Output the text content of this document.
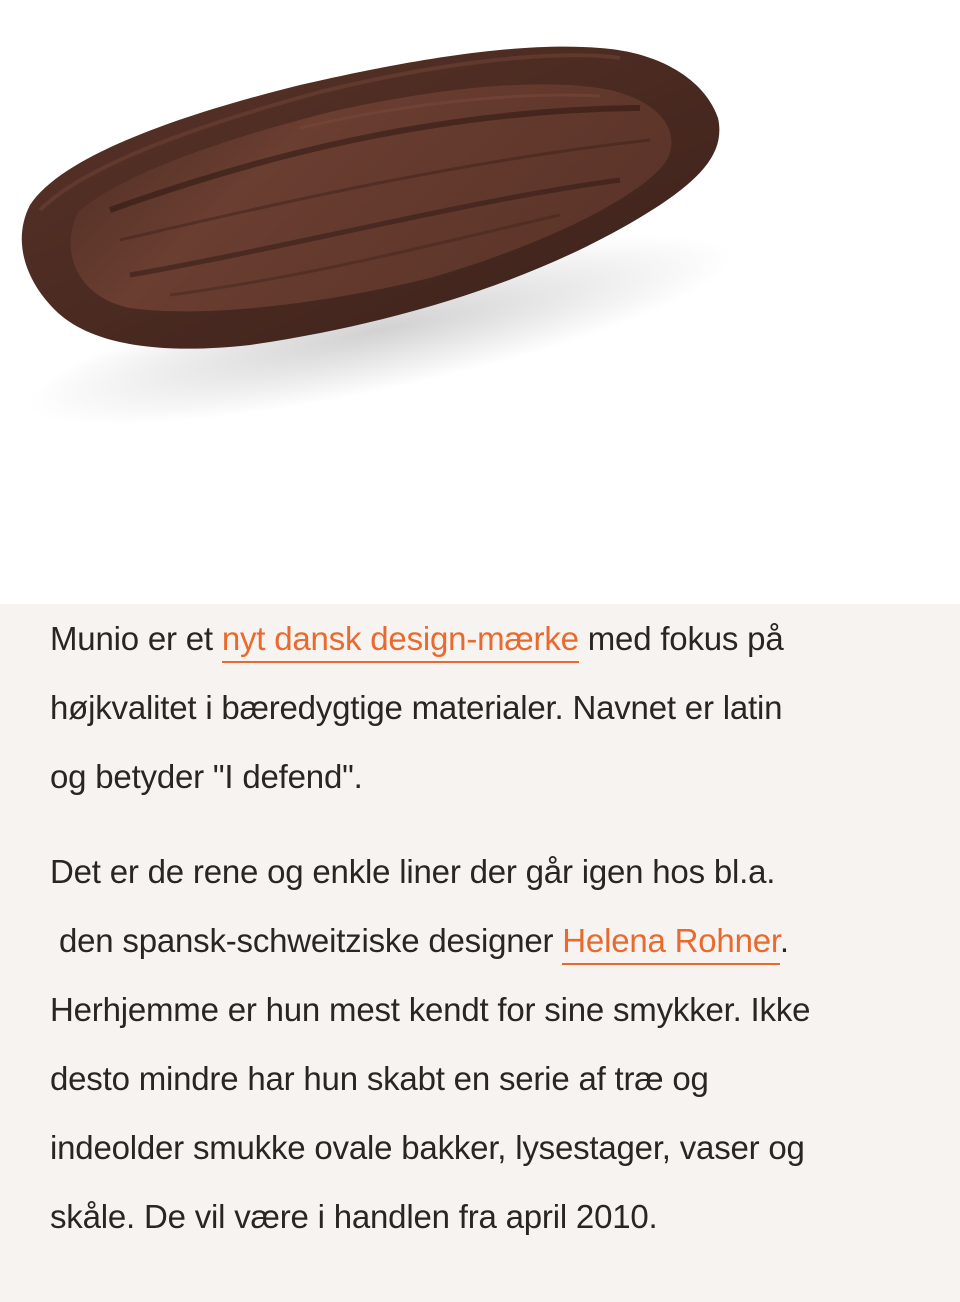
Munio er et nyt dansk design-mærke med fokus på
højkvalitet i bæredygtige materialer. Navnet er latin
og betyder "I defend".

Det er de rene og enkle liner der går igen hos bl.a.
den spansk-schweitziske designer Helena Rohner.
Herhjemme er hun mest kendt for sine smykker. Ikke
desto mindre har hun skabt en serie af træ og
indeolder smukke ovale bakker, lysestager, vaser og
skåle. De vil være i handlen fra april 2010.
